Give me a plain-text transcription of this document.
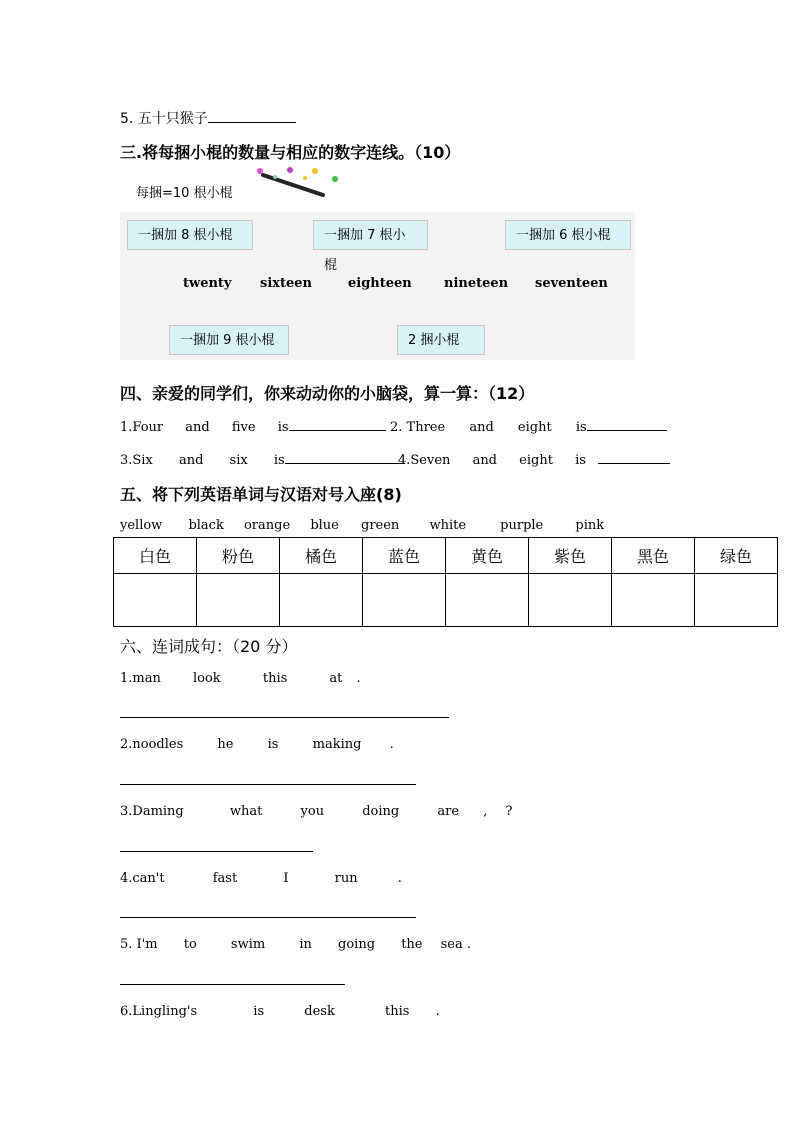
5. 五十只猴子
三.将每捆小棍的数量与相应的数字连线。（10）
每捆=10 根小棍
一捆加 8 根小棍	一捆加 7 根小棍
一捆加 6 根小棍
twenty sixteen	eighteen nineteen seventeen
一捆加 9 根小棍	2 捆小棍
四、亲爱的同学们，你来动动你的小脑袋，算一算：（12）
1.Four and five is	2. Three and eight is
3.Six and six is	4.Seven and eight is
五、将下列英语单词与汉语对号入座(8)
yellow black orange blue green white	purple pink
白色	粉色	橘色	蓝色	黄色	紫色	黑色	绿色

六、连词成句：（20 分）
1.man look	this	at .
2.noodles	he	is	making .
3.Daming	what	you	doing	are , ?
4.can't	fast	I	run	.
5. I'm to	swim	in going the sea .
6.Lingling's	is	desk	this .
